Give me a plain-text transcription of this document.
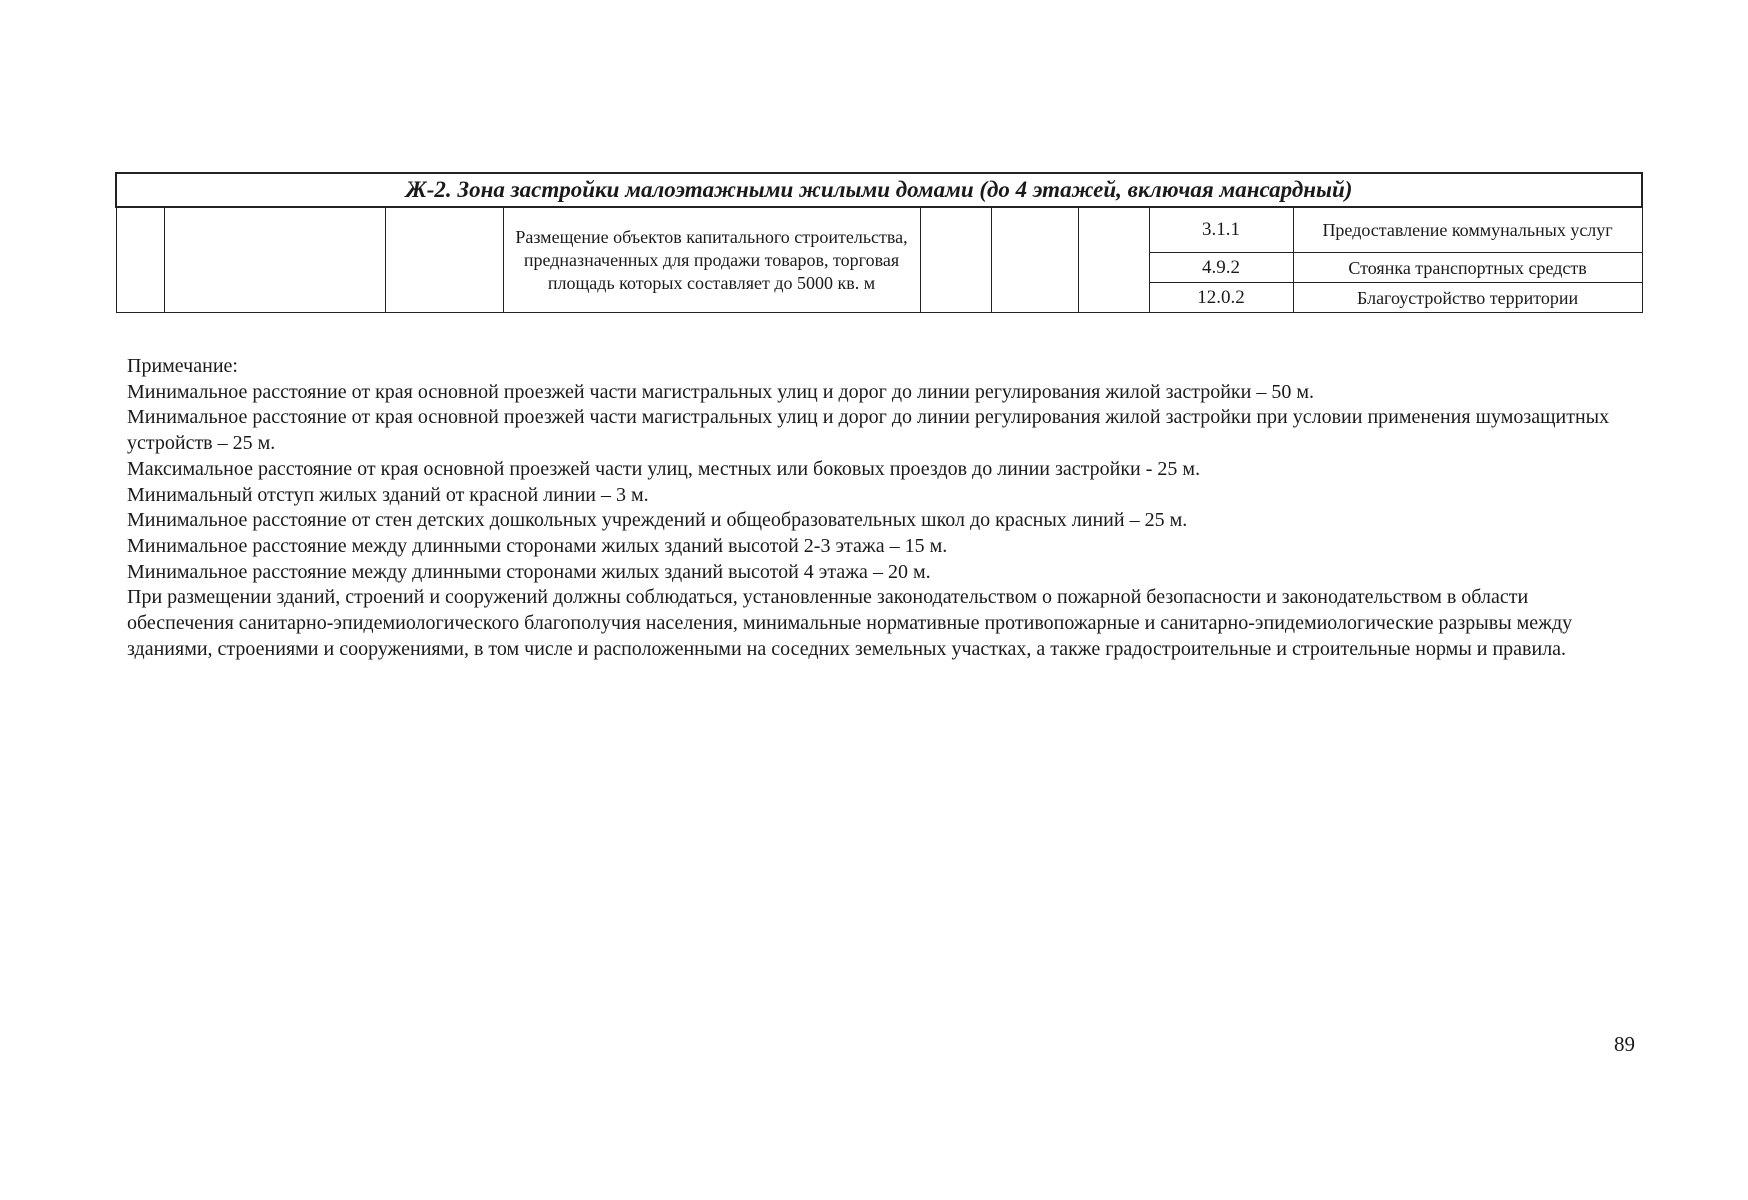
Ж-2. Зона застройки малоэтажными жилыми домами (до 4 этажей, включая мансардный)								
			Размещение объектов капитального строительства, предназначенных для продажи товаров, торговая площадь которых составляет до 5000 кв. м				3.1.1	Предоставление коммунальных услуг
							4.9.2	Стоянка транспортных средств
							12.0.2	Благоустройство территории

Примечание:

Минимальное расстояние от края основной проезжей части магистральных улиц и дорог до линии регулирования жилой застройки – 50 м.

Минимальное расстояние от края основной проезжей части магистральных улиц и дорог до линии регулирования жилой застройки при условии применения шумозащитных устройств – 25 м.

Максимальное расстояние от края основной проезжей части улиц, местных или боковых проездов до линии застройки - 25 м.

Минимальный отступ жилых зданий от красной линии – 3 м.

Минимальное расстояние от стен детских дошкольных учреждений и общеобразовательных школ до красных линий – 25 м.

Минимальное расстояние между длинными сторонами жилых зданий высотой 2-3 этажа – 15 м.

Минимальное расстояние между длинными сторонами жилых зданий высотой 4 этажа – 20 м.

При размещении зданий, строений и сооружений должны соблюдаться, установленные законодательством о пожарной безопасности и законодательством в области обеспечения санитарно-эпидемиологического благополучия населения, минимальные нормативные противопожарные и санитарно-эпидемиологические разрывы между зданиями, строениями и сооружениями, в том числе и расположенными на соседних земельных участках, а также градостроительные и строительные нормы и правила.

89
